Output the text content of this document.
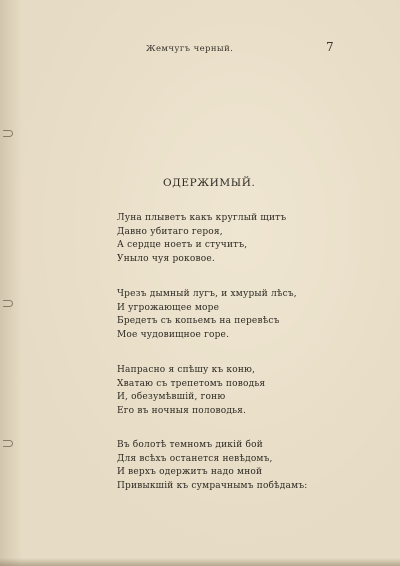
Жемчугъ черный.	7
ОДЕРЖИМЫЙ.
Луна плыветъ какъ круглый щитъ
Давно убитаго героя,
А сердце ноетъ и стучитъ,
Уныло чуя роковое.
Чрезъ дымный лугъ, и хмурый лѣсъ,
И угрожающее море
Бредетъ съ копьемъ на перевѣсъ
Мое чудовищное горе.
Напрасно я спѣшу къ коню,
Хватаю съ трепетомъ поводья
И, обезумѣвшій, гоню
Его въ ночныя половодья.
Въ болотѣ темномъ дикій бой
Для всѣхъ останется невѣдомъ,
И верхъ одержитъ надо мной
Привыкшій къ сумрачнымъ побѣдамъ:
